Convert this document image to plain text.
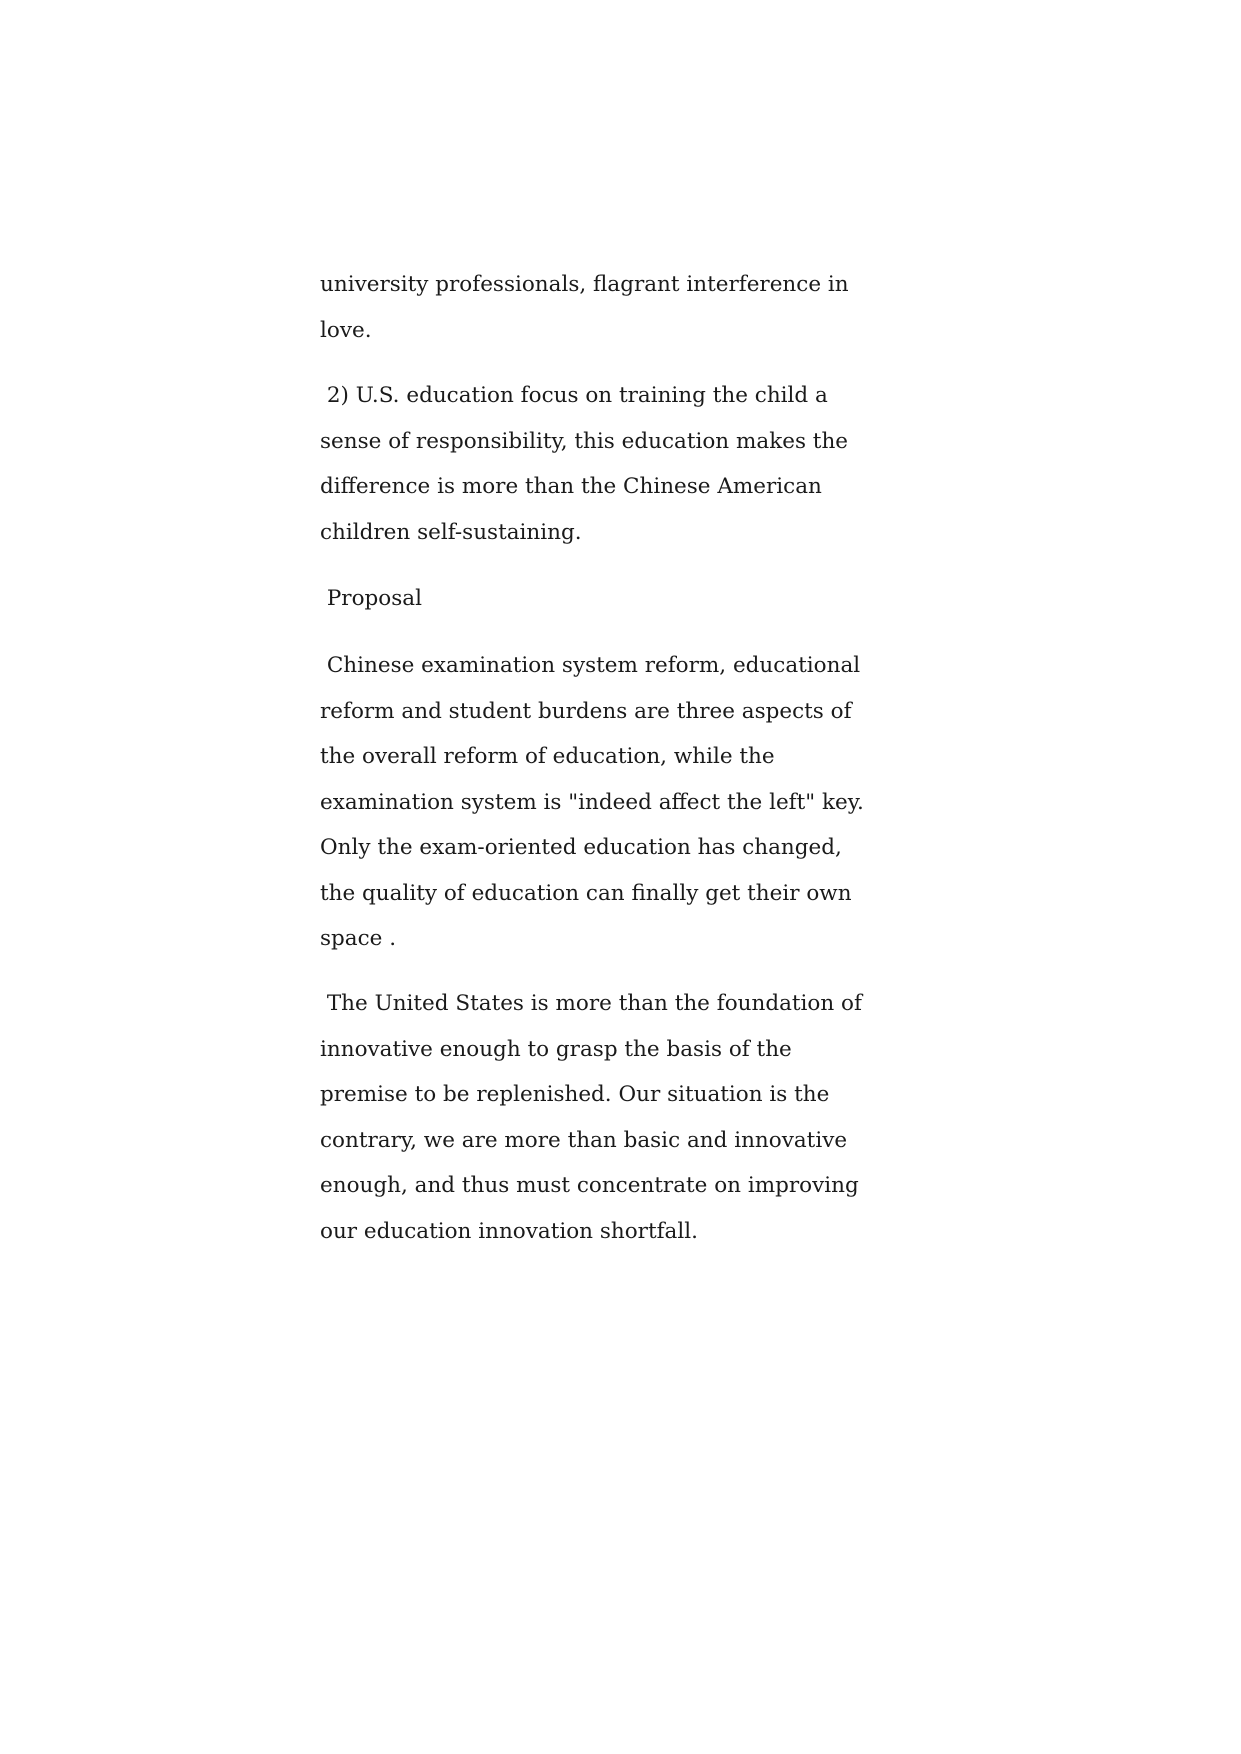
university professionals, flagrant interference in
love.
2) U.S. education focus on training the child a
sense of responsibility, this education makes the
difference is more than the Chinese American
children self-sustaining.
Proposal
Chinese examination system reform, educational
reform and student burdens are three aspects of
the overall reform of education, while the
examination system is "indeed affect the left" key.
Only the exam-oriented education has changed,
the quality of education can finally get their own
space .
The United States is more than the foundation of
innovative enough to grasp the basis of the
premise to be replenished. Our situation is the
contrary, we are more than basic and innovative
enough, and thus must concentrate on improving
our education innovation shortfall.
